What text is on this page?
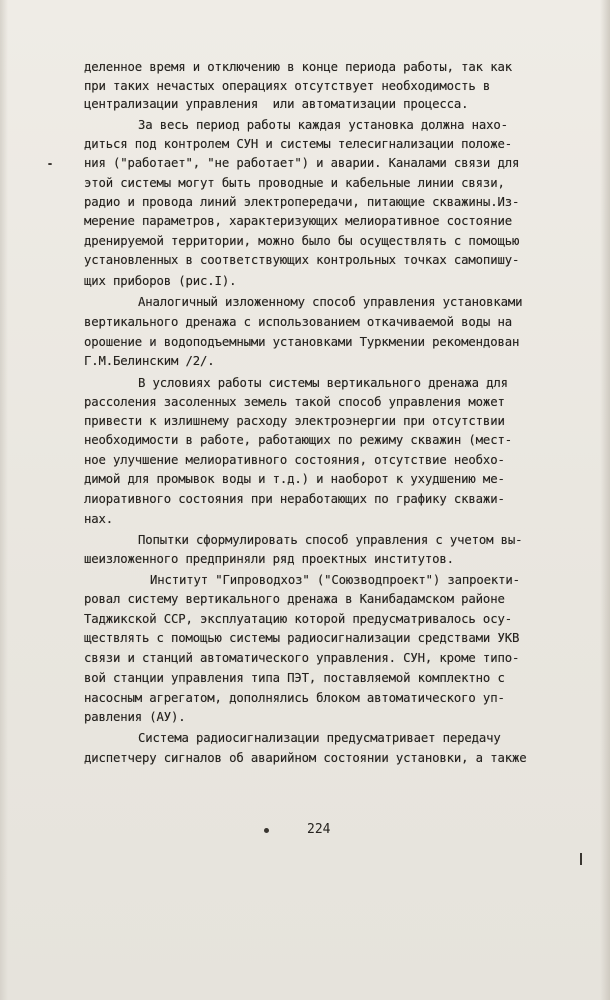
деленное время и отключению в конце периода работы, так как
при таких нечастых операциях отсутствует необходимость в
централизации управления  или автоматизации процесса.
За весь период работы каждая установка должна нахо-
диться под контролем СУН и системы телесигнализации положе-
ния ("работает", "не работает") и аварии. Каналами связи для
этой системы могут быть проводные и кабельные линии связи,
радио и провода линий электропередачи, питающие скважины.Из-
мерение параметров, характеризующих мелиоративное состояние
дренируемой территории, можно было бы осуществлять с помощью
установленных в соответствующих контрольных точках самопишу-
щих приборов (рис.I).
Аналогичный изложенному способ управления установками
вертикального дренажа с использованием откачиваемой воды на
орошение и водоподъемными установками Туркмении рекомендован
Г.М.Белинским /2/.
В условиях работы системы вертикального дренажа для
рассоления засоленных земель такой способ управления может
привести к излишнему расходу электроэнергии при отсутствии
необходимости в работе, работающих по режиму скважин (мест-
ное улучшение мелиоративного состояния, отсутствие необхо-
димой для промывок воды и т.д.) и наоборот к ухудшению ме-
лиоративного состояния при неработающих по графику скважи-
нах.
Попытки сформулировать способ управления с учетом вы-
шеизложенного предприняли ряд проектных институтов.
Институт "Гипроводхоз" ("Союзводпроект") запроекти-
ровал систему вертикального дренажа в Канибадамском районе
Таджикской ССР, эксплуатацию которой предусматривалось осу-
ществлять с помощью системы радиосигнализации средствами УКВ
связи и станций автоматического управления. СУН, кроме типо-
вой станции управления типа ПЭТ, поставляемой комплектно с
насосным агрегатом, дополнялись блоком автоматического уп-
равления (АУ).
Система радиосигнализации предусматривает передачу
диспетчеру сигналов об аварийном состоянии установки, а также
224
